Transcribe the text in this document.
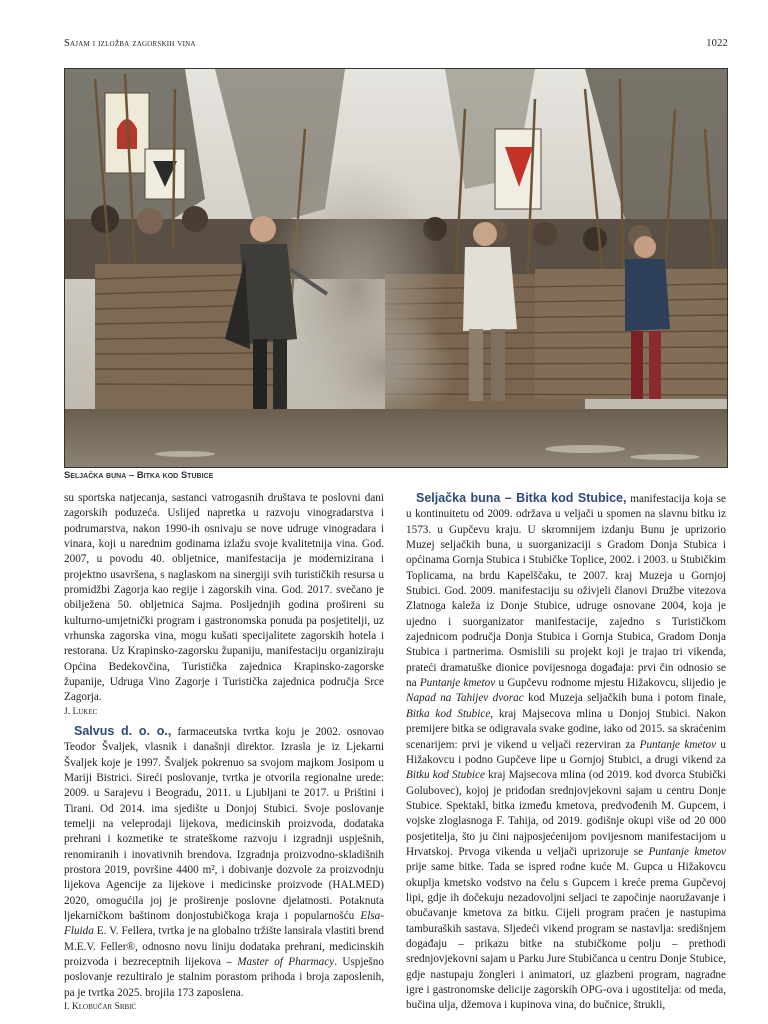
Sajam i izložba zagorskih vina	1022
Seljačka buna – Bitka kod Stubice

su sportska natjecanja, sastanci vatrogasnih društava te poslovni dani zagorskih poduzeća. Uslijed napretka u razvoju vinogradarstva i podrumarstva, nakon 1990-ih osnivaju se nove udruge vinogradara i vinara, koji u narednim godinama izlažu svoje kvalitetnija vina. God. 2007, u povodu 40. obljetnice, manifestacija je modernizirana i projektno usavršena, s naglaskom na sinergiji svih turističkih resursa u promidžbi Zagorja kao regije i zagorskih vina. God. 2017. svečano je obilježena 50. obljetnica Sajma. Posljednjih godina prošireni su kulturno-umjetnički program i gastronomska ponuda pa posjetitelji, uz vrhunska zagorska vina, mogu kušati specijalitete zagorskih hotela i restorana. Uz Krapinsko-zagorsku županiju, manifestaciju organiziraju Općina Bedekovčina, Turistička zajednica Krapinsko-zagorske županije, Udruga Vino Zagorje i Turistička zajednica područja Srce Zagorja.

J. Lukec

Salvus d. o. o., farmaceutska tvrtka koju je 2002. osnovao Teodor Švaljek, vlasnik i današnji direktor. Izrasla je iz Ljekarni Švaljek koje je 1997. Švaljek pokrenuo sa svojom majkom Josipom u Mariji Bistrici. Sireći poslovanje, tvrtka je otvorila regionalne urede: 2009. u Sarajevu i Beogradu, 2011. u Ljubljani te 2017. u Prištini i Tirani. Od 2014. ima sjedište u Donjoj Stubici. Svoje poslovanje temelji na veleprodaji lijekova, medicinskih proizvoda, dodataka prehrani i kozmetike te strateškome razvoju i izgradnji uspješnih, renomiranih i inovativnih brendova. Izgradnja proizvodno-skladišnih prostora 2019, površine 4400 m², i dobivanje dozvole za proizvodnju lijekova Agencije za lijekove i medicinske proizvode (HALMED) 2020, omogućila joj je proširenje poslovne djelatnosti. Potaknuta ljekarničkom baštinom donjostubičkoga kraja i popularnošću Elsa-Fluida E. V. Fellera, tvrtka je na globalno tržište lansirala vlastiti brend M.E.V. Feller®, odnosno novu liniju dodataka prehrani, medicinskih proizvoda i bezreceptnih lijekova – Master of Pharmacy. Uspješno poslovanje rezultiralo je stalnim porastom prihoda i broja zaposlenih, pa je tvrtka 2025. brojila 173 zaposlena.

I. Klobučar Srbić

Seljačka buna – Bitka kod Stubice, manifestacija koja se u kontinuitetu od 2009. održava u veljači u spomen na slavnu bitku iz 1573. u Gupčevu kraju. U skromnijem izdanju Bunu je uprizorio Muzej seljačkih buna, u suorganizaciji s Gradom Donja Stubica i općinama Gornja Stubica i Stubičke Toplice, 2002. i 2003. u Stubičkim Toplicama, na brdu Kapelščaku, te 2007. kraj Muzeja u Gornjoj Stubici. God. 2009. manifestaciju su oživjeli članovi Družbe vitezova Zlatnoga kaleža iz Donje Stubice, udruge osnovane 2004, koja je ujedno i suorganizator manifestacije, zajedno s Turističkom zajednicom područja Donja Stubica i Gornja Stubica, Gradom Donja Stubica i partnerima. Osmislili su projekt koji je trajao tri vikenda, prateći dramatuške dionice povijesnoga događaja: prvi čin odnosio se na Puntanje kmetov u Gupčevu rodnome mjestu Hižakovcu, slijedio je Napad na Tahijev dvorac kod Muzeja seljačkih buna i potom finale, Bitka kod Stubice, kraj Majsecova mlina u Donjoj Stubici. Nakon premijere bitka se odigravala svake godine, iako od 2015. sa skraćenim scenarijem: prvi je vikend u veljači rezerviran za Puntanje kmetov u Hižakovcu i podno Gupčeve lipe u Gornjoj Stubici, a drugi vikend za Bitku kod Stubice kraj Majsecova mlina (od 2019. kod dvorca Stubički Golubovec), kojoj je pridodan srednjovjekovni sajam u centru Donje Stubice. Spektakl, bitka između kmetova, predvođenih M. Gupcem, i vojske zloglasnoga F. Tahija, od 2019. godišnje okupi više od 20 000 posjetitelja, što ju čini najposjećenijom povijesnom manifestacijom u Hrvatskoj. Prvoga vikenda u veljači uprizoruje se Puntanje kmetov prije same bitke. Tada se ispred rodne kuće M. Gupca u Hižakovcu okuplja kmetsko vodstvo na čelu s Gupcem i kreće prema Gupčevoj lipi, gdje ih dočekuju nezadovoljni seljaci te započinje naoružavanje i obučavanje kmetova za bitku. Cijeli program praćen je nastupima tamburaških sastava. Sljedeći vikend program se nastavlja: središnjem događaju – prikazu bitke na stubičkome polju – prethodi srednjovjekovni sajam u Parku Jure Stubičanca u centru Donje Stubice, gdje nastupaju žongleri i animatori, uz glazbeni program, nagradne igre i gastronomske delicije zagorskih OPG-ova i ugostitelja: od meda, bučina ulja, džemova i kupinova vina, do bučnice, štrukli,
